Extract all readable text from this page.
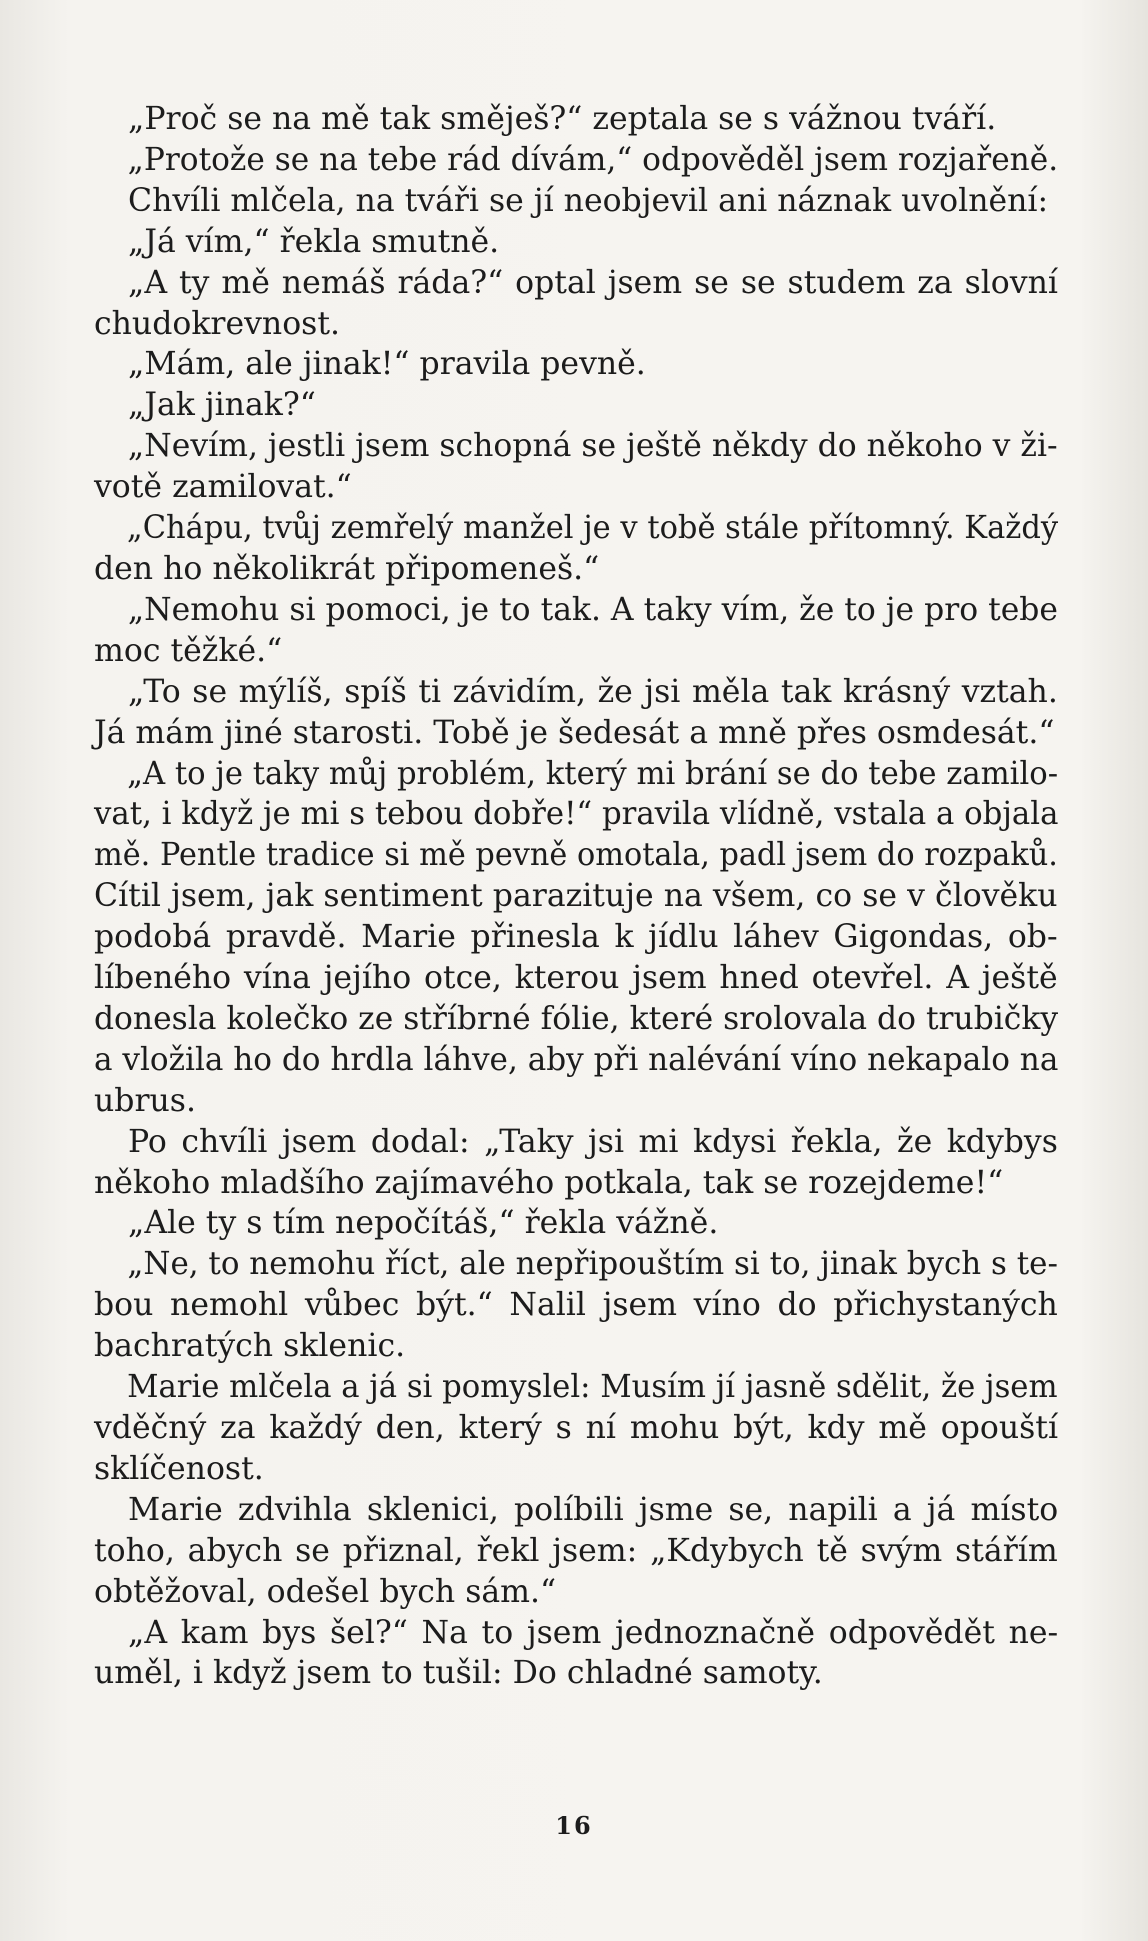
„Proč se na mě tak směješ?“ zeptala se s vážnou tváří.
„Protože se na tebe rád dívám,“ odpověděl jsem rozjařeně.
Chvíli mlčela, na tváři se jí neobjevil ani náznak uvolnění:
„Já vím,“ řekla smutně.
„A ty mě nemáš ráda?“ optal jsem se se studem za slovní
chudokrevnost.
„Mám, ale jinak!“ pravila pevně.
„Jak jinak?“
„Nevím, jestli jsem schopná se ještě někdy do někoho v ži-
votě zamilovat.“
„Chápu, tvůj zemřelý manžel je v tobě stále přítomný. Každý
den ho několikrát připomeneš.“
„Nemohu si pomoci, je to tak. A taky vím, že to je pro tebe
moc těžké.“
„To se mýlíš, spíš ti závidím, že jsi měla tak krásný vztah.
Já mám jiné starosti. Tobě je šedesát a mně přes osmdesát.“
„A to je taky můj problém, který mi brání se do tebe zamilo-
vat, i když je mi s tebou dobře!“ pravila vlídně, vstala a objala
mě. Pentle tradice si mě pevně omotala, padl jsem do rozpaků.
Cítil jsem, jak sentiment parazituje na všem, co se v člověku
podobá pravdě. Marie přinesla k jídlu láhev Gigondas, ob-
líbeného vína jejího otce, kterou jsem hned otevřel. A ještě
donesla kolečko ze stříbrné fólie, které srolovala do trubičky
a vložila ho do hrdla láhve, aby při nalévání víno nekapalo na
ubrus.
Po chvíli jsem dodal: „Taky jsi mi kdysi řekla, že kdybys
někoho mladšího zajímavého potkala, tak se rozejdeme!“
„Ale ty s tím nepočítáš,“ řekla vážně.
„Ne, to nemohu říct, ale nepřipouštím si to, jinak bych s te-
bou nemohl vůbec být.“ Nalil jsem víno do přichystaných
bachratých sklenic.
Marie mlčela a já si pomyslel: Musím jí jasně sdělit, že jsem
vděčný za každý den, který s ní mohu být, kdy mě opouští
sklíčenost.
Marie zdvihla sklenici, políbili jsme se, napili a já místo
toho, abych se přiznal, řekl jsem: „Kdybych tě svým stářím
obtěžoval, odešel bych sám.“
„A kam bys šel?“ Na to jsem jednoznačně odpovědět ne-
uměl, i když jsem to tušil: Do chladné samoty.
16
